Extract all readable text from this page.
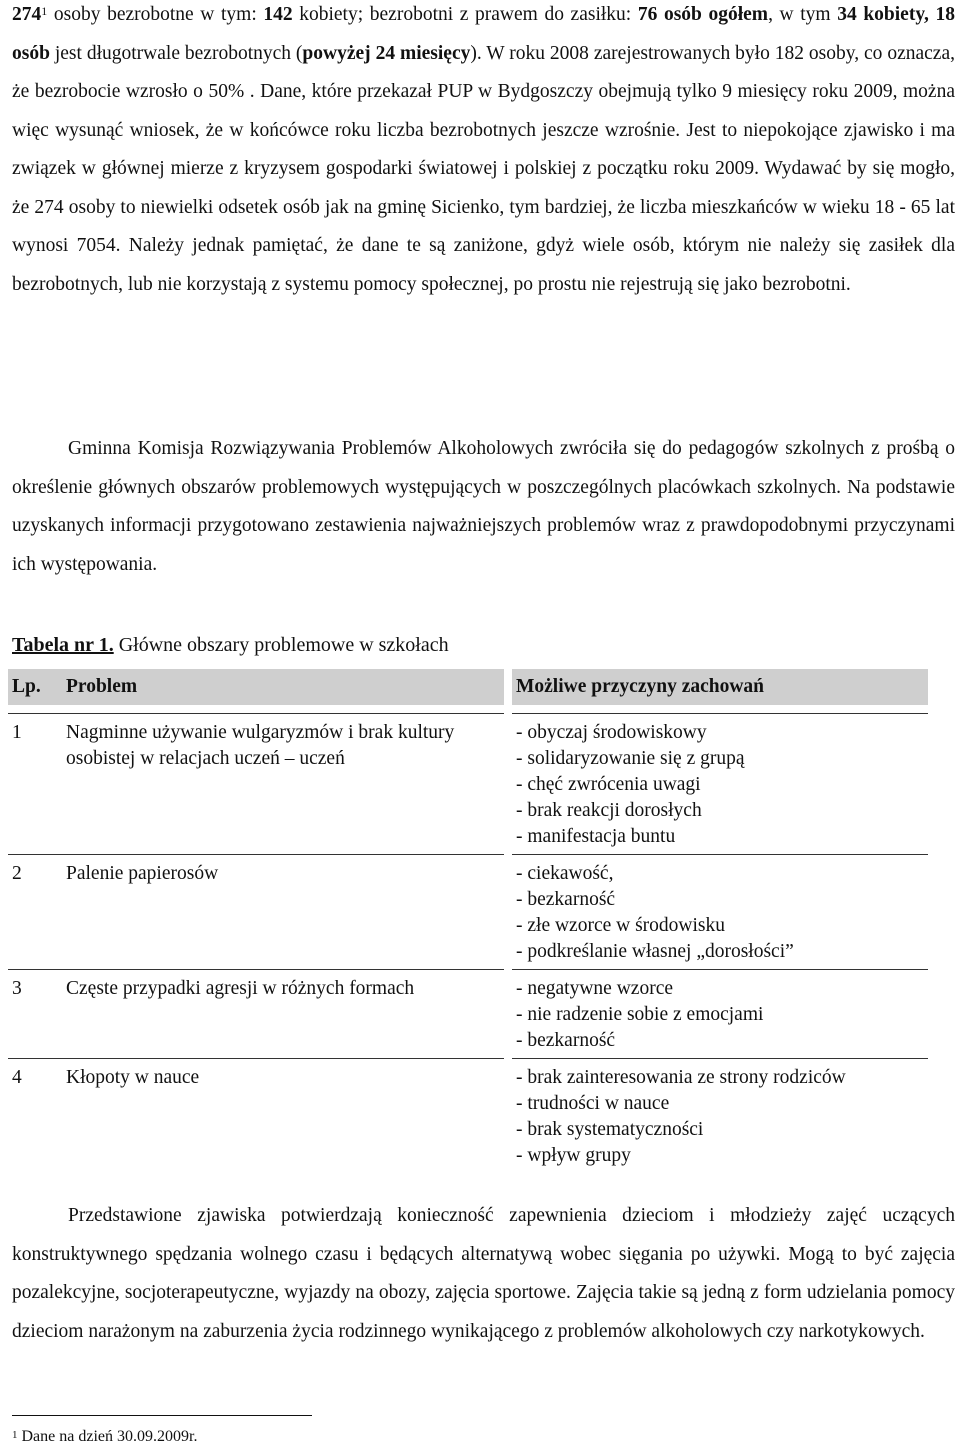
$274^1$ osoby bezrobotne w tym: 142 kobiety; bezrobotni z prawem do zasiłku: 76 osób ogółem, w tym 34 kobiety, 18 osób jest długotrwale bezrobotnych (powyżej 24 miesięcy). W roku 2008 zarejestrowanych było 182 osoby, co oznacza, że bezrobocie wzrosło o 50% . Dane, które przekazał PUP w Bydgoszczy obejmują tylko 9 miesięcy roku 2009, można więc wysunąć wniosek, że w końcówce roku liczba bezrobotnych jeszcze wzrośnie. Jest to niepokojące zjawisko i ma związek w głównej mierze z kryzysem gospodarki światowej i polskiej z początku roku 2009. Wydawać by się mogło, że 274 osoby to niewielki odsetek osób jak na gminę Sicienko, tym bardziej, że liczba mieszkańców w wieku 18 - 65 lat wynosi 7054. Należy jednak pamiętać, że dane te są zaniżone, gdyż wiele osób, którym nie należy się zasiłek dla bezrobotnych, lub nie korzystają z systemu pomocy społecznej, po prostu nie rejestrują się jako bezrobotni.

Gminna Komisja Rozwiązywania Problemów Alkoholowych zwróciła się do pedagogów szkolnych z prośbą o określenie głównych obszarów problemowych występujących w poszczególnych placówkach szkolnych. Na podstawie uzyskanych informacji przygotowano zestawienia najważniejszych problemów wraz z prawdopodobnymi przyczynami ich występowania.

Tabela nr 1. Główne obszary problemowe w szkołach

Lp.	Problem		Możliwe przyczyny zachowań

1	Nagminne używanie wulgaryzmów i brak kultury osobistej w relacjach uczeń – uczeń		- obyczaj środowiskowy
- solidaryzowanie się z grupą
- chęć zwrócenia uwagi
- brak reakcji dorosłych
- manifestacja buntu

2	Palenie papierosów		- ciekawość,
- bezkarność
- złe wzorce w środowisku
- podkreślanie własnej „dorosłości”

3	Częste przypadki agresji w różnych formach		- negatywne wzorce
- nie radzenie sobie z emocjami
- bezkarność

4	Kłopoty w nauce		- brak zainteresowania ze strony rodziców
- trudności w nauce
- brak systematyczności
- wpływ grupy

Przedstawione zjawiska potwierdzają konieczność zapewnienia dzieciom i młodzieży zajęć uczących konstruktywnego spędzania wolnego czasu i będących alternatywą wobec sięgania po używki. Mogą to być zajęcia pozalekcyjne, socjoterapeutyczne, wyjazdy na obozy, zajęcia sportowe. Zajęcia takie są jedną z form udzielania pomocy dzieciom narażonym na zaburzenia życia rodzinnego wynikającego z problemów alkoholowych czy narkotykowych.

$^1$ Dane na dzień 30.09.2009r.
